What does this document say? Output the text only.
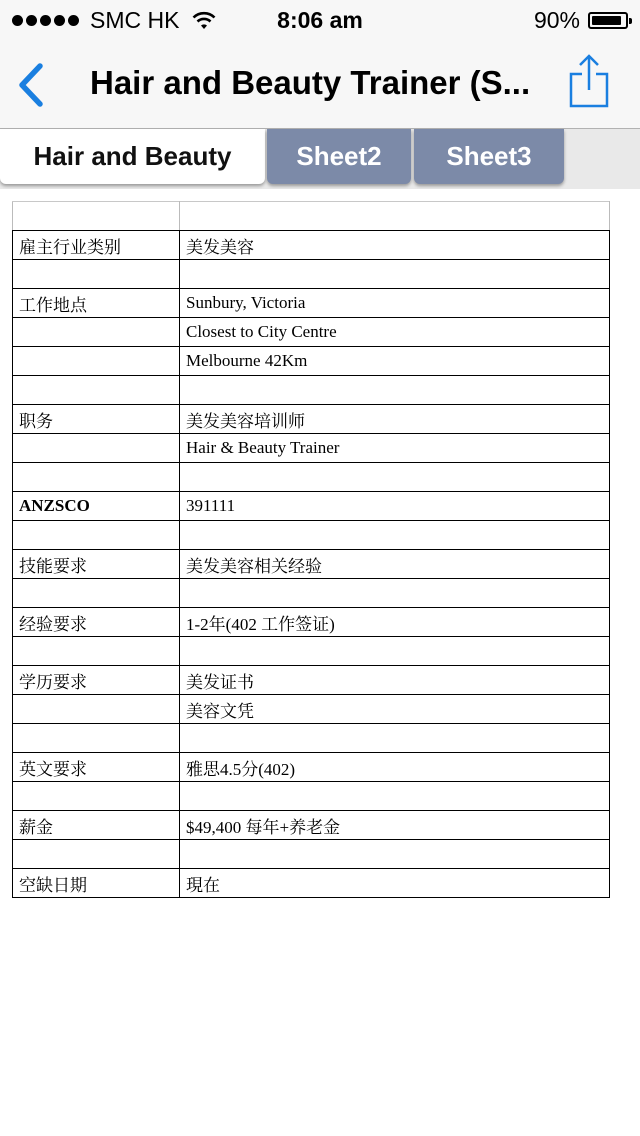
SMC HK	8:06 am	90%
Hair and Beauty Trainer (S...
Hair and Beauty	Sheet2	Sheet3

雇主行业类别	美发美容

工作地点	Sunbury, Victoria
	Closest to City Centre
	Melbourne 42Km

职务	美发美容培训师
	Hair & Beauty Trainer

ANZSCO	391111

技能要求	美发美容相关经验

经验要求	1-2年(402 工作签证)

学历要求	美发证书
	美容文凭

英文要求	雅思4.5分(402)

薪金	$49,400 每年+养老金

空缺日期	現在
